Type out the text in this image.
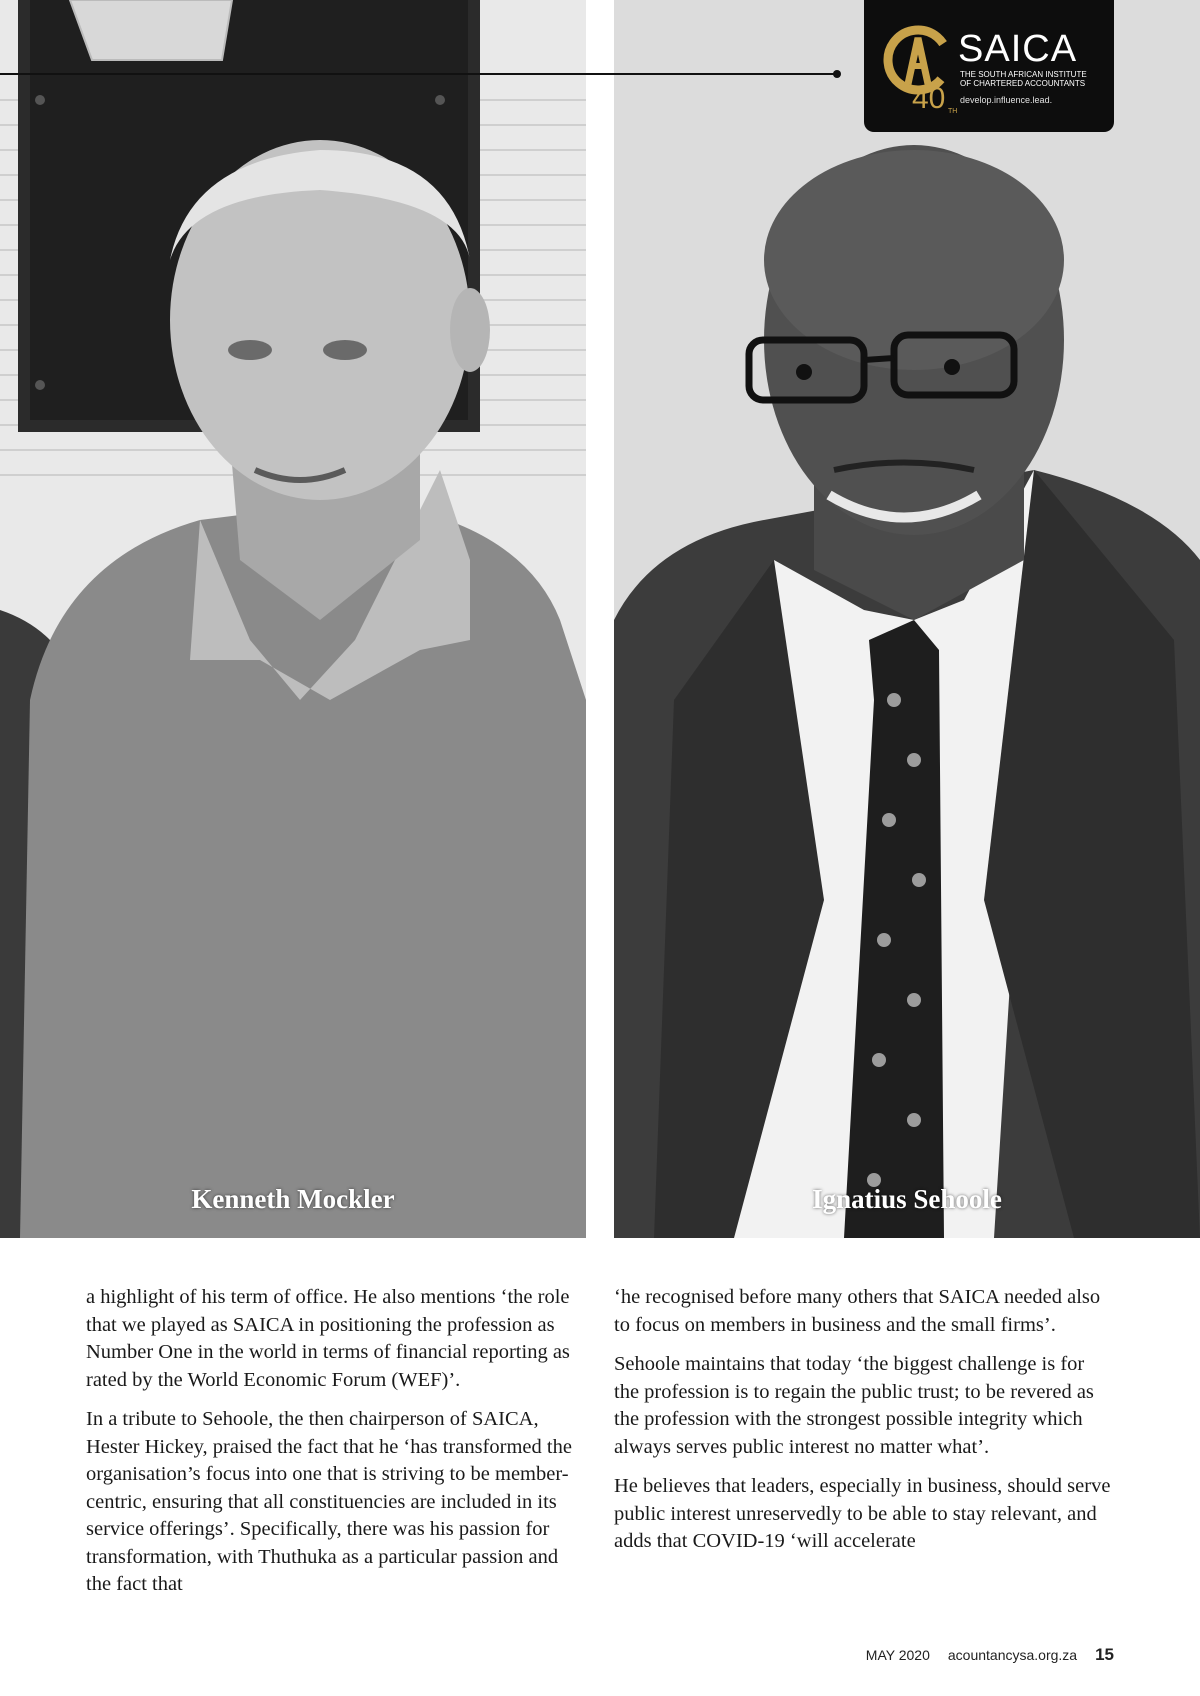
Kenneth Mockler	Ignatius Sehoole
SAICA
THE SOUTH AFRICAN INSTITUTE
OF CHARTERED ACCOUNTANTS
develop.influence.lead.
40 TH

a highlight of his term of office. He also mentions ‘the role that we played as SAICA in positioning the profession as Number One in the world in terms of financial reporting as rated by the World Economic Forum (WEF)’.

In a tribute to Sehoole, the then chairperson of SAICA, Hester Hickey, praised the fact that he ‘has transformed the organisation’s focus into one that is striving to be member-centric, ensuring that all constituencies are included in its service offerings’. Specifically, there was his passion for transformation, with Thuthuka as a particular passion and the fact that

‘he recognised before many others that SAICA needed also to focus on members in business and the small firms’.

Sehoole maintains that today ‘the biggest challenge is for the profession is to regain the public trust; to be revered as the profession with the strongest possible integrity which always serves public interest no matter what’.

He believes that leaders, especially in business, should serve public interest unreservedly to be able to stay relevant, and adds that COVID-19 ‘will accelerate

MAY 2020 acountancysa.org.za 15
